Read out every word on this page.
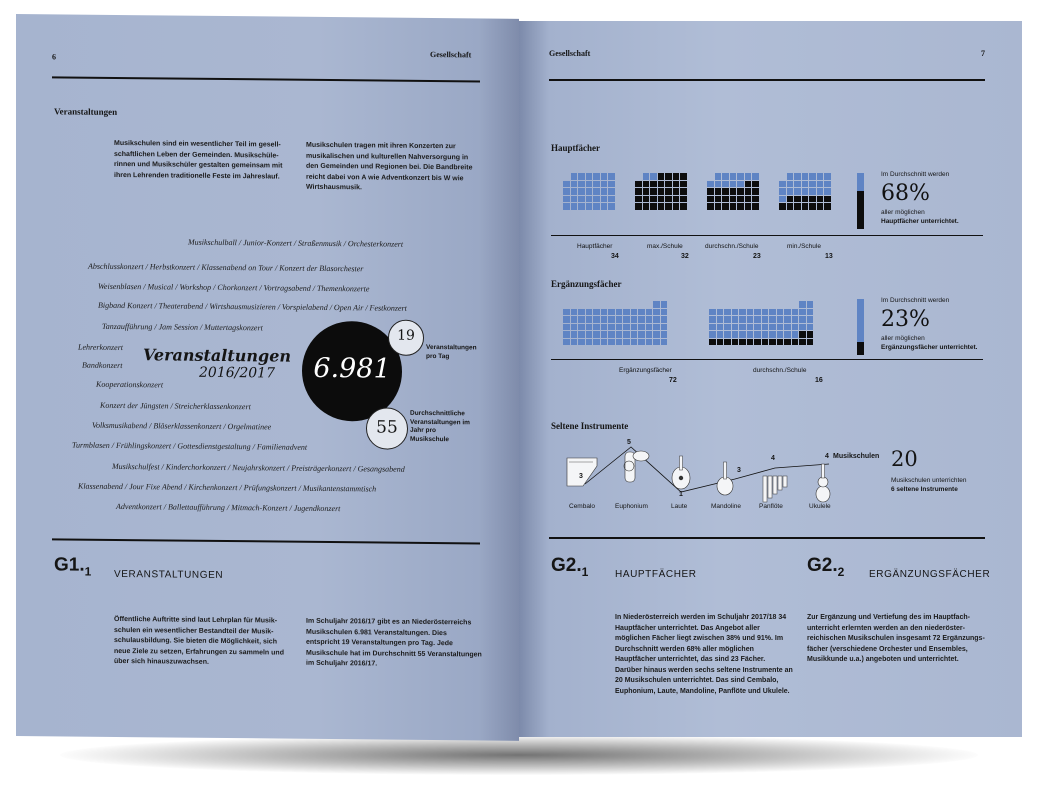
6	Gesellschaft
Veranstaltungen
Musikschulen sind ein wesentlicher Teil im gesell-schaftlichen Leben der Gemeinden. Musikschüle-rinnen und Musikschüler gestalten gemeinsam mit ihren Lehrenden traditionelle Feste im Jahreslauf.
Musikschulen tragen mit ihren Konzerten zur musikalischen und kulturellen Nahversorgung in den Gemeinden und Regionen bei. Die Bandbreite reicht dabei von A wie Adventkonzert bis W wie Wirtshausmusik.
Musikschulball / Junior-Konzert / Straßenmusik / Orchesterkonzert
Abschlusskonzert / Herbstkonzert / Klassenabend on Tour / Konzert der Blasorchester
Weisenblasen / Musical / Workshop / Chorkonzert / Vortragsabend / Themenkonzerte
Bigband Konzert / Theaterabend / Wirtshausmusizieren / Vorspielabend / Open Air / Festkonzert
Tanzaufführung / Jam Session / Muttertagskonzert
Lehrerkonzert
Bandkonzert
Kooperationskonzert
Konzert der Jüngsten / Streicherklassenkonzert
Volksmusikabend / Bläserklassenkonzert / Orgelmatinee
Turmblasen / Frühlingskonzert / Gottesdienstgestaltung / Familienadvent
Musikschulfest / Kinderchorkonzert / Neujahrskonzert / Preisträgerkonzert / Gesangsabend
Klassenabend / Jour Fixe Abend / Kirchenkonzert / Prüfungskonzert / Musikantenstammtisch
Adventkonzert / Ballettaufführung / Mitmach-Konzert / Jugendkonzert
Veranstaltungen
2016/2017	6.981
19
Veranstaltungen pro Tag
55
Durchschnittliche Veranstaltungen im Jahr pro Musikschule
$G1._1$ VERANSTALTUNGEN
Öffentliche Auftritte sind laut Lehrplan für Musik-schulen ein wesentlicher Bestandteil der Musik-schulausbildung. Sie bieten die Möglichkeit, sich neue Ziele zu setzen, Erfahrungen zu sammeln und über sich hinauszuwachsen.
Im Schuljahr 2016/17 gibt es an Niederösterreichs Musikschulen 6.981 Veranstaltungen. Dies entspricht 19 Veranstaltungen pro Tag. Jede Musikschule hat im Durchschnitt 55 Veranstaltungen im Schuljahr 2016/17.
Gesellschaft	7
Hauptfächer
Hauptfächer	max./Schule	durchschn./Schule	min./Schule
34	32	23	13
Im Durchschnitt werden
68%
aller möglichen
Hauptfächer unterrichtet.
Ergänzungsfächer
Ergänzungsfächer	durchschn./Schule
72	16
Im Durchschnitt werden
23%
aller möglichen
Ergänzungsfächer unterrichtet.
Seltene Instrumente
3
5
1
3
4	4 Musikschulen
Cembalo	Euphonium	Laute	Mandoline	Panflöte	Ukulele
20
Musikschulen unterrichten
6 seltene Instrumente
$G2._1$	HAUPTFÄCHER	$G2._2$ ERGÄNZUNGSFÄCHER
In Niederösterreich werden im Schuljahr 2017/18 34 Hauptfächer unterrichtet. Das Angebot aller möglichen Fächer liegt zwischen 38% und 91%. Im Durchschnitt werden 68% aller möglichen Hauptfächer unterrichtet, das sind 23 Fächer. Darüber hinaus werden sechs seltene Instrumente an 20 Musikschulen unterrichtet. Das sind Cembalo, Euphonium, Laute, Mandoline, Panflöte und Ukulele.
Zur Ergänzung und Vertiefung des im Hauptfach-unterricht erlernten werden an den niederöster-reichischen Musikschulen insgesamt 72 Ergänzungs-fächer (verschiedene Orchester und Ensembles, Musikkunde u.a.) angeboten und unterrichtet.
